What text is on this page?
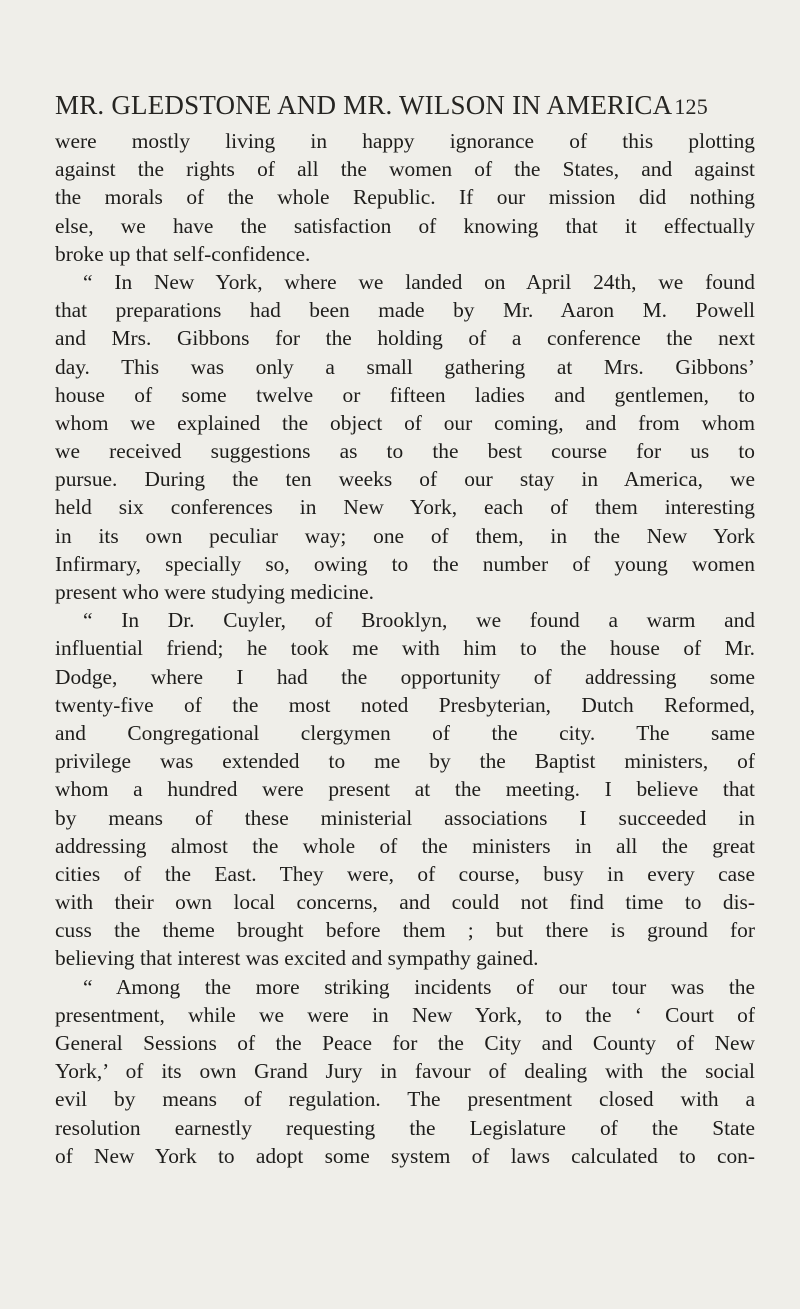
MR. GLEDSTONE AND MR. WILSON IN AMERICA125
were mostly living in happy ignorance of this plotting
against the rights of all the women of the States, and against
the morals of the whole Republic. If our mission did nothing
else, we have the satisfaction of knowing that it effectually
broke up that self-confidence.
“ In New York, where we landed on April 24th, we found
that preparations had been made by Mr. Aaron M. Powell
and Mrs. Gibbons for the holding of a conference the next
day. This was only a small gathering at Mrs. Gibbons’
house of some twelve or fifteen ladies and gentlemen, to
whom we explained the object of our coming, and from whom
we received suggestions as to the best course for us to
pursue. During the ten weeks of our stay in America, we
held six conferences in New York, each of them interesting
in its own peculiar way; one of them, in the New York
Infirmary, specially so, owing to the number of young women
present who were studying medicine.
“ In Dr. Cuyler, of Brooklyn, we found a warm and
influential friend; he took me with him to the house of Mr.
Dodge, where I had the opportunity of addressing some
twenty-five of the most noted Presbyterian, Dutch Reformed,
and Congregational clergymen of the city. The same
privilege was extended to me by the Baptist ministers, of
whom a hundred were present at the meeting. I believe that
by means of these ministerial associations I succeeded in
addressing almost the whole of the ministers in all the great
cities of the East. They were, of course, busy in every case
with their own local concerns, and could not find time to dis-
cuss the theme brought before them ; but there is ground for
believing that interest was excited and sympathy gained.
“ Among the more striking incidents of our tour was the
presentment, while we were in New York, to the ‘ Court of
General Sessions of the Peace for the City and County of New
York,’ of its own Grand Jury in favour of dealing with the social
evil by means of regulation. The presentment closed with a
resolution earnestly requesting the Legislature of the State
of New York to adopt some system of laws calculated to con-
